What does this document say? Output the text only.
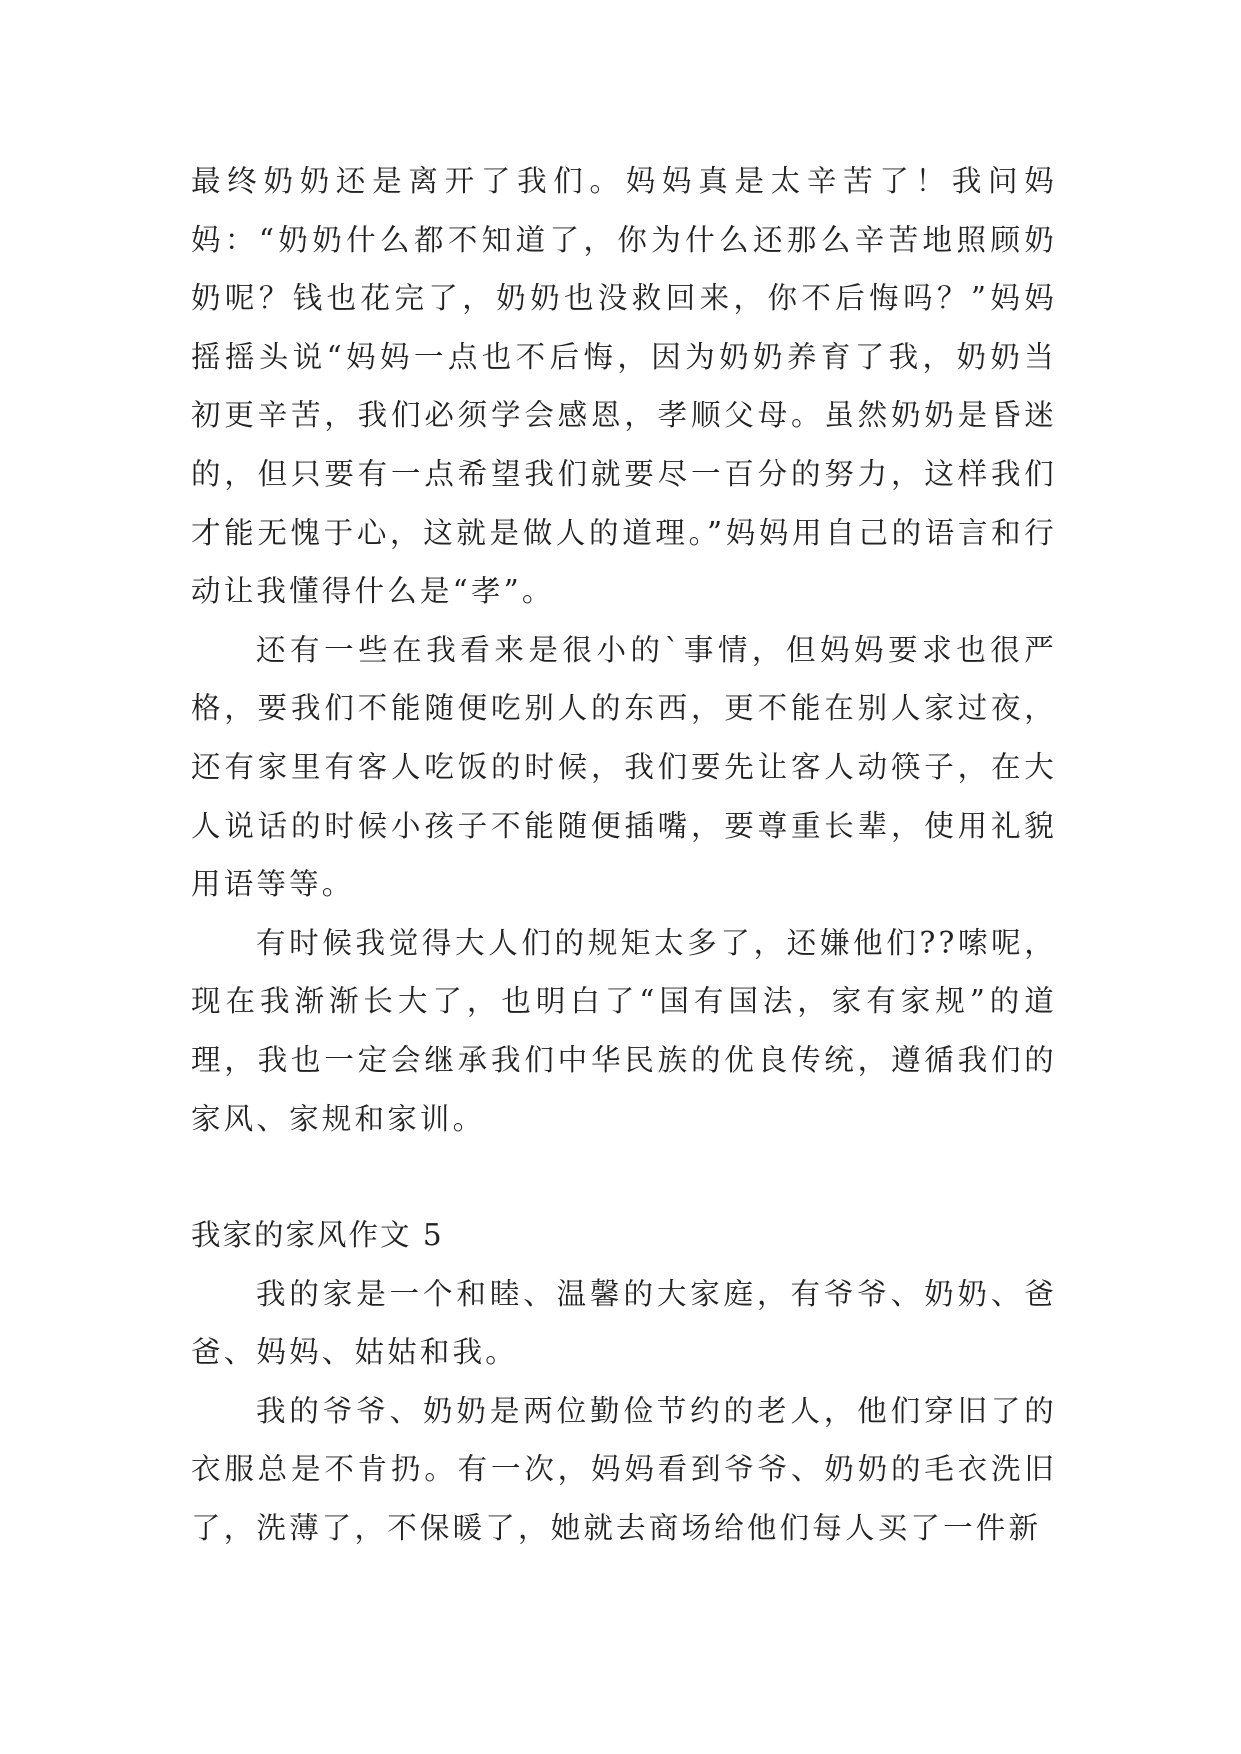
最终奶奶还是离开了我们。妈妈真是太辛苦了！我问妈妈：“奶奶什么都不知道了，你为什么还那么辛苦地照顾奶奶呢？钱也花完了，奶奶也没救回来，你不后悔吗？”妈妈摇摇头说“妈妈一点也不后悔，因为奶奶养育了我，奶奶当初更辛苦，我们必须学会感恩，孝顺父母。虽然奶奶是昏迷的，但只要有一点希望我们就要尽一百分的努力，这样我们才能无愧于心，这就是做人的道理。”妈妈用自己的语言和行动让我懂得什么是“孝”。

还有一些在我看来是很小的`事情，但妈妈要求也很严格，要我们不能随便吃别人的东西，更不能在别人家过夜，还有家里有客人吃饭的时候，我们要先让客人动筷子，在大人说话的时候小孩子不能随便插嘴，要尊重长辈，使用礼貌用语等等。

有时候我觉得大人们的规矩太多了，还嫌他们??嗦呢，现在我渐渐长大了，也明白了“国有国法，家有家规”的道理，我也一定会继承我们中华民族的优良传统，遵循我们的家风、家规和家训。

我家的家风作文 5

我的家是一个和睦、温馨的大家庭，有爷爷、奶奶、爸爸、妈妈、姑姑和我。

我的爷爷、奶奶是两位勤俭节约的老人，他们穿旧了的衣服总是不肯扔。有一次，妈妈看到爷爷、奶奶的毛衣洗旧了，洗薄了，不保暖了，她就去商场给他们每人买了一件新
